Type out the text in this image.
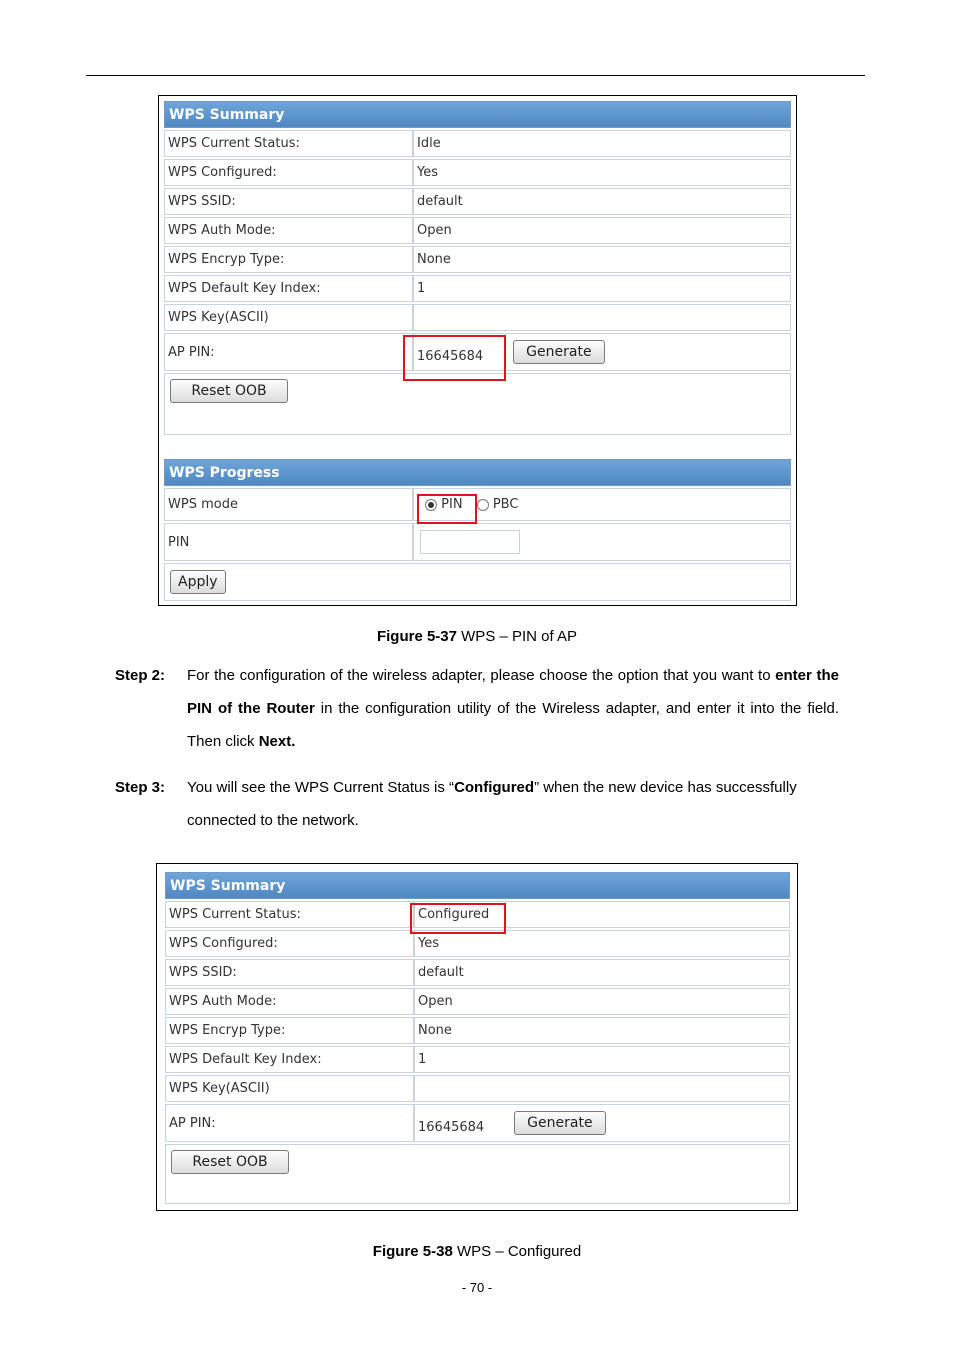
WPS Summary
WPS Current Status:	Idle
WPS Configured:	Yes
WPS SSID:	default
WPS Auth Mode:	Open
WPS Encryp Type:	None
WPS Default Key Index:	1
WPS Key(ASCII)	
AP PIN:	16645684 Generate
Reset OOB
WPS Progress
WPS mode	PIN PBC
PIN	
Apply
Figure 5-37 WPS – PIN of AP
Step 2: For the configuration of the wireless adapter, please choose the option that you want to enter the PIN of the Router in the configuration utility of the Wireless adapter, and enter it into the field. Then click Next.
Step 3: You will see the WPS Current Status is “Configured” when the new device has successfully connected to the network.
WPS Summary
WPS Current Status:	Configured
WPS Configured:	Yes
WPS SSID:	default
WPS Auth Mode:	Open
WPS Encryp Type:	None
WPS Default Key Index:	1
WPS Key(ASCII)	
AP PIN:	16645684 Generate
Reset OOB
Figure 5-38 WPS – Configured
- 70 -
